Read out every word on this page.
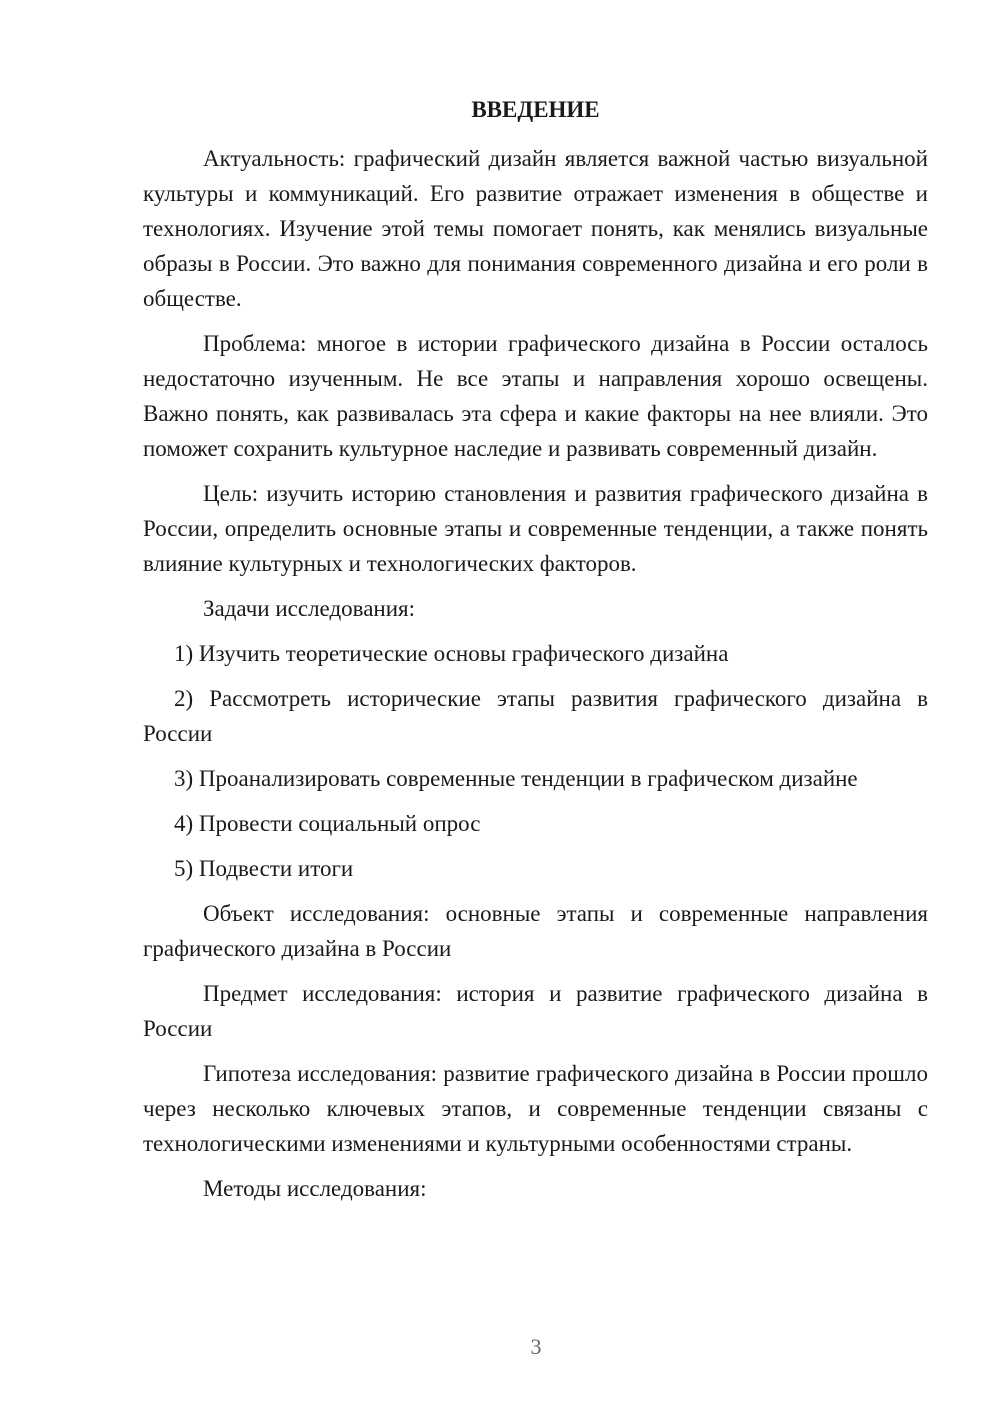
ВВЕДЕНИЕ

Актуальность: графический дизайн является важной частью визуальной культуры и коммуникаций. Его развитие отражает изменения в обществе и технологиях. Изучение этой темы помогает понять, как менялись визуальные образы в России. Это важно для понимания современного дизайна и его роли в обществе.

Проблема: многое в истории графического дизайна в России осталось недостаточно изученным. Не все этапы и направления хорошо освещены. Важно понять, как развивалась эта сфера и какие факторы на нее влияли. Это поможет сохранить культурное наследие и развивать современный дизайн.

Цель: изучить историю становления и развития графического дизайна в России, определить основные этапы и современные тенденции, а также понять влияние культурных и технологических факторов.

Задачи исследования:

1) Изучить теоретические основы графического дизайна

2) Рассмотреть исторические этапы развития графического дизайна в России

3) Проанализировать современные тенденции в графическом дизайне

4) Провести социальный опрос

5) Подвести итоги

Объект исследования: основные этапы и современные направления графического дизайна в России

Предмет исследования: история и развитие графического дизайна в России

Гипотеза исследования: развитие графического дизайна в России прошло через несколько ключевых этапов, и современные тенденции связаны с технологическими изменениями и культурными особенностями страны.

Методы исследования:

3
